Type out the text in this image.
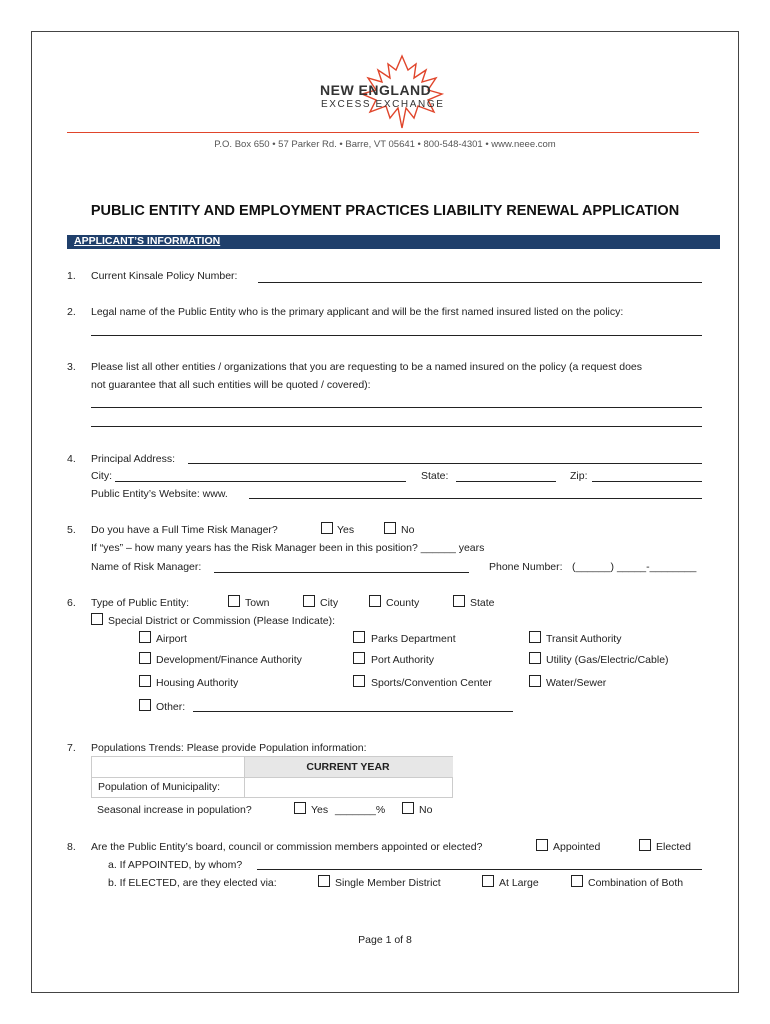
NEW ENGLAND
EXCESS EXCHANGE
P.O. Box 650 • 57 Parker Rd. • Barre, VT 05641 • 800-548-4301 • www.neee.com
PUBLIC ENTITY AND EMPLOYMENT PRACTICES LIABILITY RENEWAL APPLICATION
APPLICANT’S INFORMATION
1. Current Kinsale Policy Number:
2. Legal name of the Public Entity who is the primary applicant and will be the first named insured listed on the policy:
3. Please list all other entities / organizations that you are requesting to be a named insured on the policy (a request does
not guarantee that all such entities will be quoted / covered):
4. Principal Address:
City:	State:	Zip:
Public Entity’s Website: www.
5. Do you have a Full Time Risk Manager?	Yes	No
If “yes” – how many years has the Risk Manager been in this position? ______ years
Name of Risk Manager:	Phone Number: (______) _____-________
6. Type of Public Entity:	Town	City	County	State
Special District or Commission (Please Indicate):
Airport	Parks Department	Transit Authority
Development/Finance Authority	Port Authority	Utility (Gas/Electric/Cable)
Housing Authority	Sports/Convention Center	Water/Sewer
Other:
7. Populations Trends: Please provide Population information:
CURRENT YEAR
Population of Municipality:
Seasonal increase in population?	Yes _______%	No
8. Are the Public Entity’s board, council or commission members appointed or elected?	Appointed	Elected
a. If APPOINTED, by whom?
b. If ELECTED, are they elected via:	Single Member District	At Large	Combination of Both
Page 1 of 8
